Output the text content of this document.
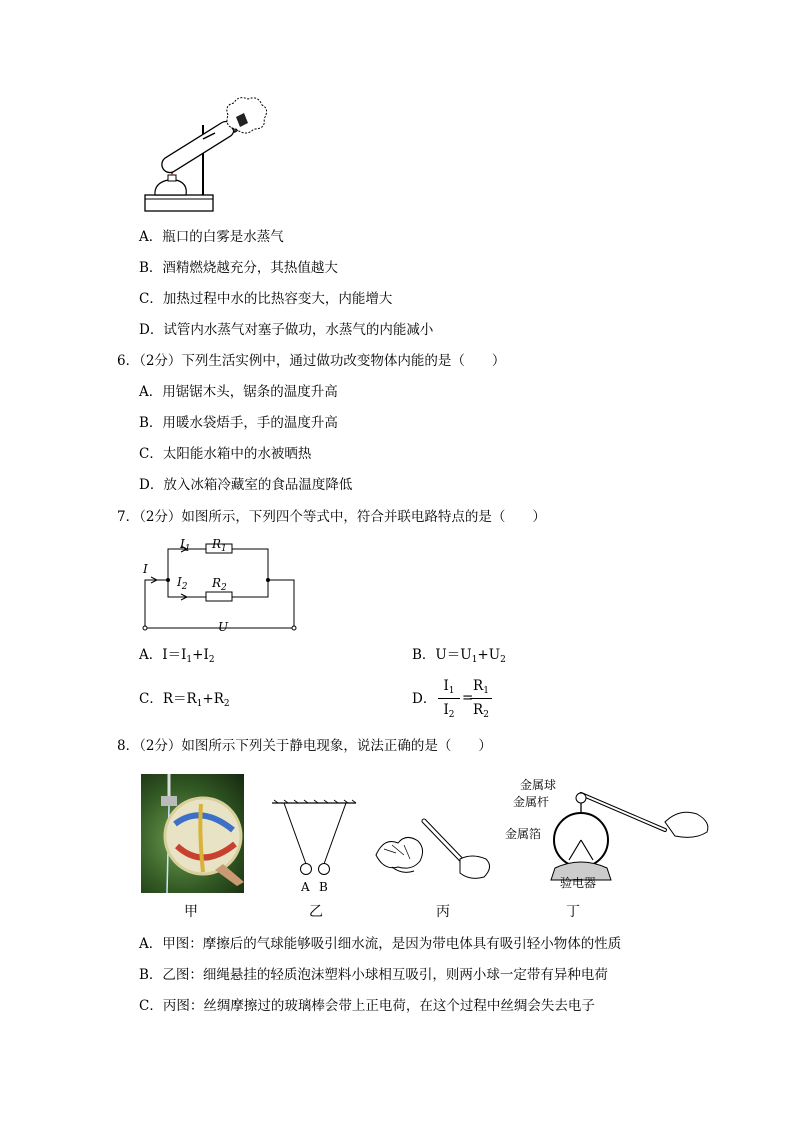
A．瓶口的白雾是水蒸气
B．酒精燃烧越充分，其热值越大
C．加热过程中水的比热容变大，内能增大
D．试管内水蒸气对塞子做功，水蒸气的内能减小
6．（2分）下列生活实例中，通过做功改变物体内能的是（　　）
A．用锯锯木头，锯条的温度升高
B．用暖水袋焐手，手的温度升高
C．太阳能水箱中的水被晒热
D．放入冰箱冷藏室的食品温度降低
7．（2分）如图所示，下列四个等式中，符合并联电路特点的是（　　）
I
$I_1$ $R_1$
$I_2$ $R_2$
U
A．$I=I_1+I_2$	B．$U=U_1+U_2$
C．$R=R_1+R_2$	D．
$I_1$
$I_2$
=
$R_1$
$R_2$
8．（2分）如图所示下列关于静电现象，说法正确的是（　　）
A B
金属球
金属杆
金属箔
验电器
甲	乙	丙	丁
A．甲图：摩擦后的气球能够吸引细水流，是因为带电体具有吸引轻小物体的性质
B．乙图：细绳悬挂的轻质泡沫塑料小球相互吸引，则两小球一定带有异种电荷
C．丙图：丝绸摩擦过的玻璃棒会带上正电荷，在这个过程中丝绸会失去电子
